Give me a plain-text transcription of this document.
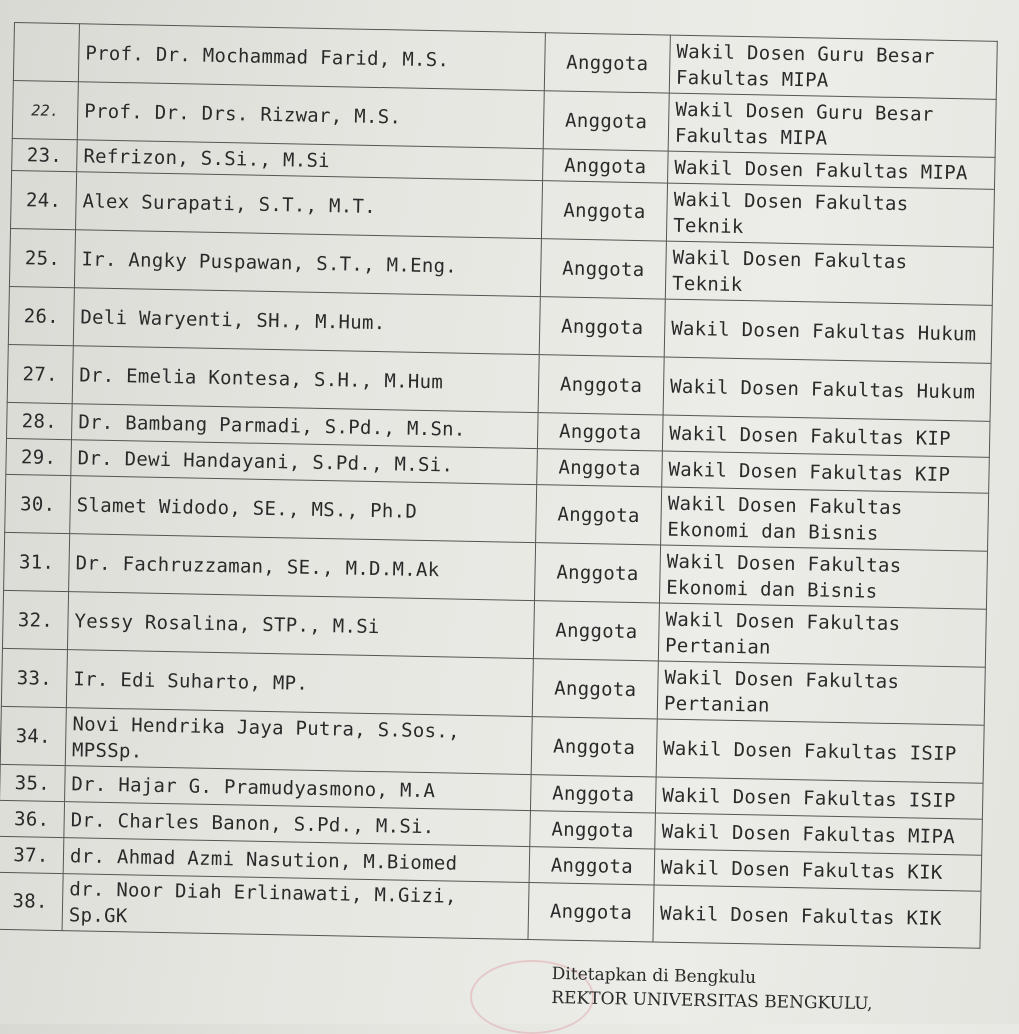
	Prof. Dr. Mochammad Farid, M.S.	Anggota	Wakil Dosen Guru Besar Fakultas MIPA
22.	Prof. Dr. Drs. Rizwar, M.S.	Anggota	Wakil Dosen Guru Besar Fakultas MIPA
23.	Refrizon, S.Si., M.Si	Anggota	Wakil Dosen Fakultas MIPA
24.	Alex Surapati, S.T., M.T.	Anggota	Wakil Dosen Fakultas Teknik
25.	Ir. Angky Puspawan, S.T., M.Eng.	Anggota	Wakil Dosen Fakultas Teknik
26.	Deli Waryenti, SH., M.Hum.	Anggota	Wakil Dosen Fakultas Hukum
27.	Dr. Emelia Kontesa, S.H., M.Hum	Anggota	Wakil Dosen Fakultas Hukum
28.	Dr. Bambang Parmadi, S.Pd., M.Sn.	Anggota	Wakil Dosen Fakultas KIP
29.	Dr. Dewi Handayani, S.Pd., M.Si.	Anggota	Wakil Dosen Fakultas KIP
30.	Slamet Widodo, SE., MS., Ph.D	Anggota	Wakil Dosen Fakultas Ekonomi dan Bisnis
31.	Dr. Fachruzzaman, SE., M.D.M.Ak	Anggota	Wakil Dosen Fakultas Ekonomi dan Bisnis
32.	Yessy Rosalina, STP., M.Si	Anggota	Wakil Dosen Fakultas Pertanian
33.	Ir. Edi Suharto, MP.	Anggota	Wakil Dosen Fakultas Pertanian
34.	Novi Hendrika Jaya Putra, S.Sos., MPSSp.	Anggota	Wakil Dosen Fakultas ISIP
35.	Dr. Hajar G. Pramudyasmono, M.A	Anggota	Wakil Dosen Fakultas ISIP
36.	Dr. Charles Banon, S.Pd., M.Si.	Anggota	Wakil Dosen Fakultas MIPA
37.	dr. Ahmad Azmi Nasution, M.Biomed	Anggota	Wakil Dosen Fakultas KIK
38.	dr. Noor Diah Erlinawati, M.Gizi, Sp.GK	Anggota	Wakil Dosen Fakultas KIK
Ditetapkan di Bengkulu
REKTOR UNIVERSITAS BENGKULU,
